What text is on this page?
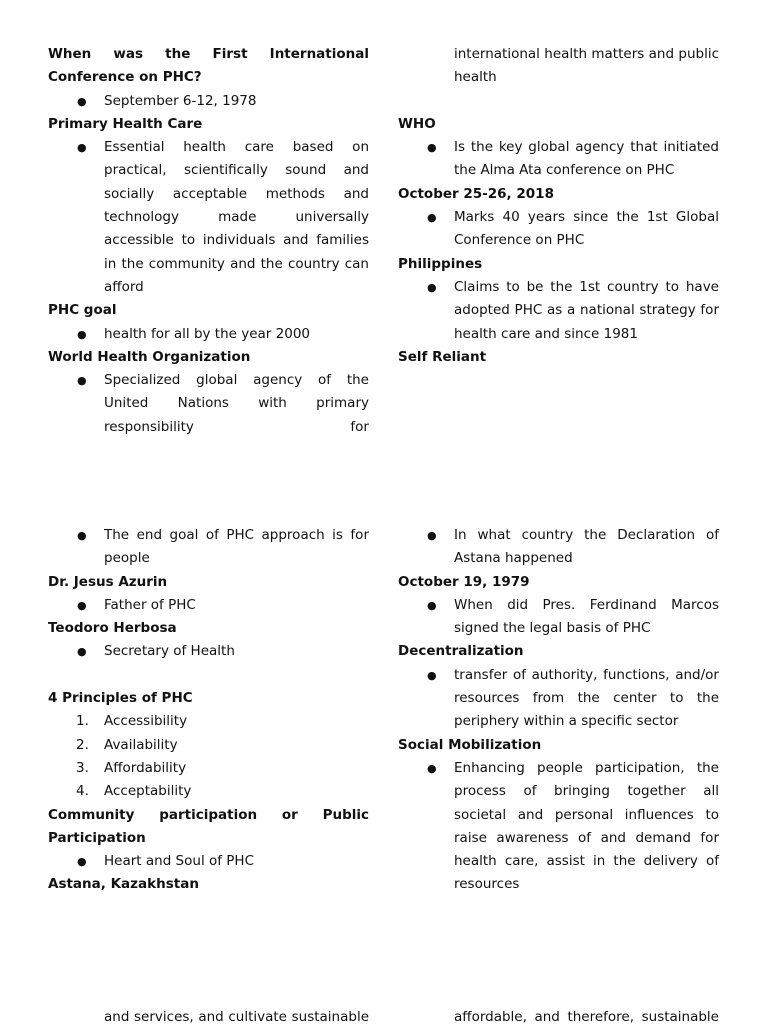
When was the First International Conference on PHC?

● September 6-12, 1978

Primary Health Care

● Essential health care based on practical, scientifically sound and socially acceptable methods and technology made universally accessible to individuals and families in the community and the country can afford

PHC goal

● health for all by the year 2000

World Health Organization

● Specialized global agency of the United Nations with primary responsibility for
international health matters and public health

WHO

● Is the key global agency that initiated the Alma Ata conference on PHC

October 25-26, 2018

● Marks 40 years since the 1st Global Conference on PHC

Philippines

● Claims to be the 1st country to have adopted PHC as a national strategy for health care and since 1981

Self Reliant

● The end goal of PHC approach is for people

Dr. Jesus Azurin

● Father of PHC

Teodoro Herbosa

● Secretary of Health

4 Principles of PHC

1. Accessibility
2. Availability
3. Affordability
4. Acceptability

Community participation or Public Participation

● Heart and Soul of PHC

Astana, Kazakhstan

● In what country the Declaration of Astana happened

October 19, 1979

● When did Pres. Ferdinand Marcos signed the legal basis of PHC

Decentralization

● transfer of authority, functions, and/or resources from the center to the periphery within a specific sector

Social Mobilization

● Enhancing people participation, the process of bringing together all societal and personal influences to raise awareness of and demand for health care, assist in the delivery of resources
and services, and cultivate sustainable	affordable, and therefore, sustainable
